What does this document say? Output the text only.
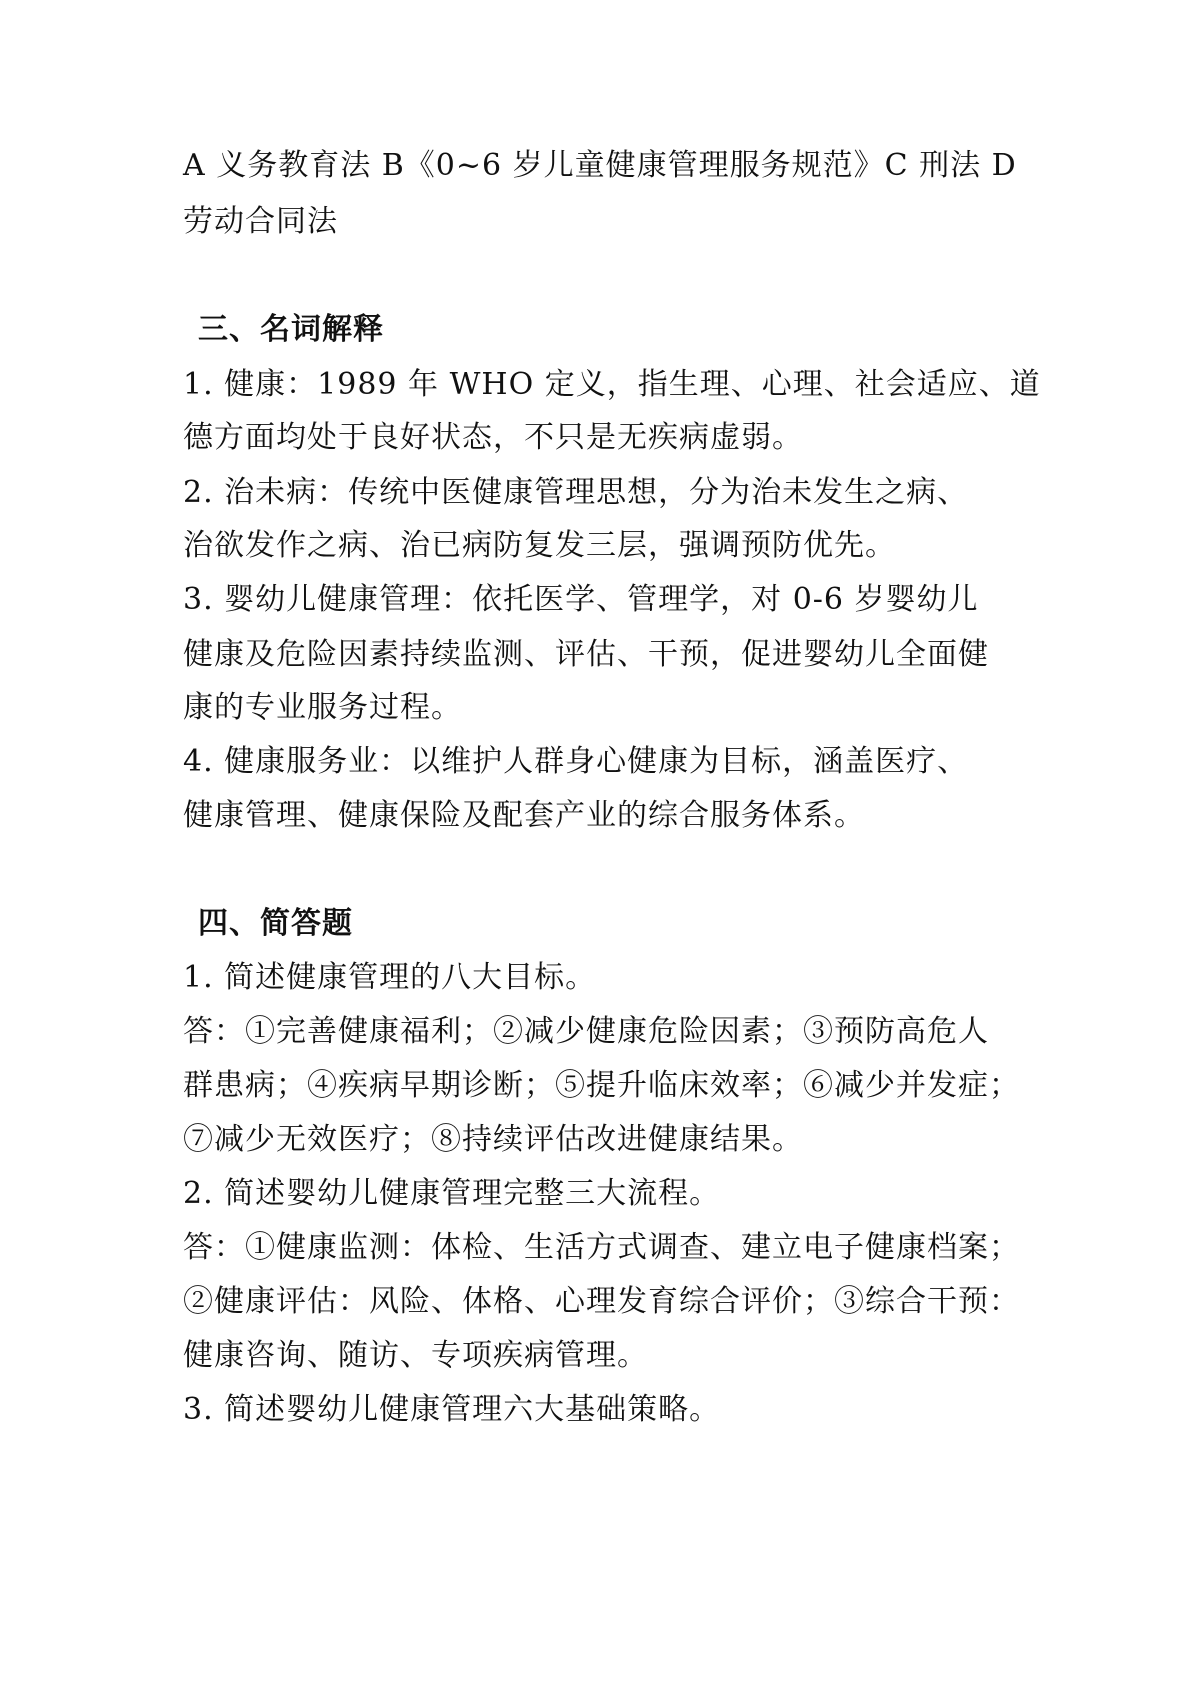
A 义务教育法 B《0~6 岁儿童健康管理服务规范》C 刑法 D
劳动合同法
三、名词解释
1. 健康：1989 年 WHO 定义，指生理、心理、社会适应、道
德方面均处于良好状态，不只是无疾病虚弱。
2. 治未病：传统中医健康管理思想，分为治未发生之病、
治欲发作之病、治已病防复发三层，强调预防优先。
3. 婴幼儿健康管理：依托医学、管理学，对 0-6 岁婴幼儿
健康及危险因素持续监测、评估、干预，促进婴幼儿全面健
康的专业服务过程。
4. 健康服务业：以维护人群身心健康为目标，涵盖医疗、
健康管理、健康保险及配套产业的综合服务体系。
四、简答题
1. 简述健康管理的八大目标。
答：①完善健康福利；②减少健康危险因素；③预防高危人
群患病；④疾病早期诊断；⑤提升临床效率；⑥减少并发症；
⑦减少无效医疗；⑧持续评估改进健康结果。
2. 简述婴幼儿健康管理完整三大流程。
答：①健康监测：体检、生活方式调查、建立电子健康档案；
②健康评估：风险、体格、心理发育综合评价；③综合干预：
健康咨询、随访、专项疾病管理。
3. 简述婴幼儿健康管理六大基础策略。
